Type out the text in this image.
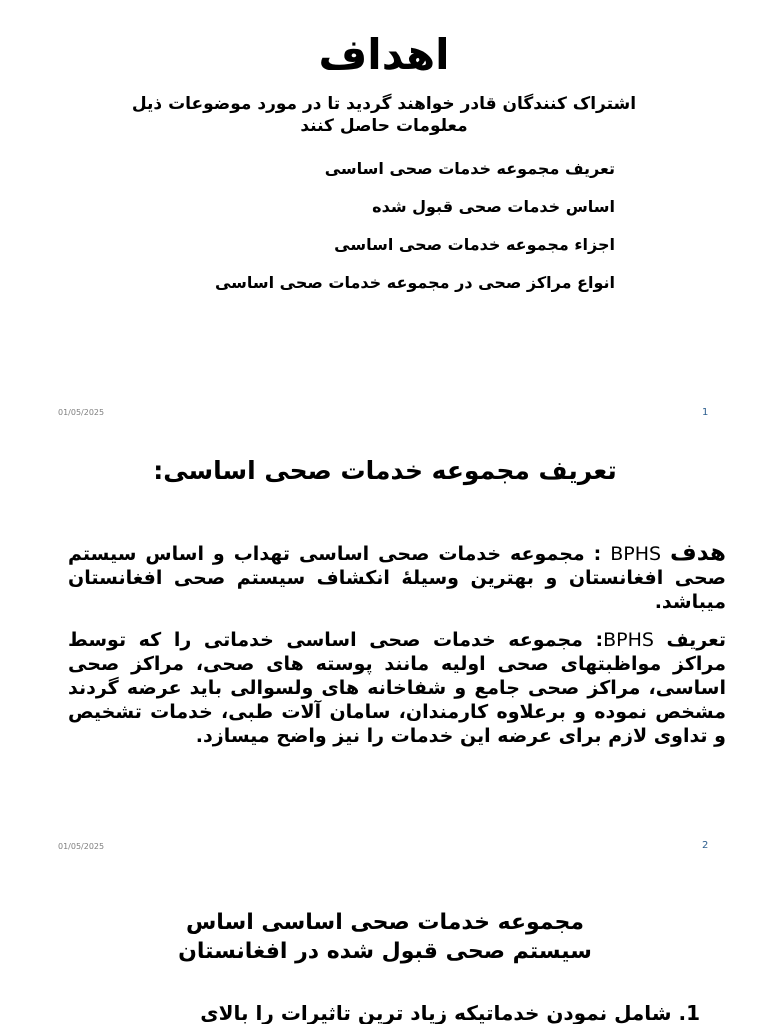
اهداف
اشتراک کنندگان قادر خواهند گردید تا در مورد موضوعات ذیل معلومات حاصل کنند
تعریف مجموعه خدمات صحی اساسی
اساس خدمات صحی قبول شده
اجزاء مجموعه خدمات صحی اساسی
انواع مراکز صحی در مجموعه خدمات صحی اساسی
01/05/2025	1
تعریف مجموعه خدمات صحی اساسی:

هدف BPHS : مجموعه خدمات صحی اساسی تهداب و اساس سیستم صحی افغانستان و بهترین وسیلۀ انکشاف سیستم صحی افغانستان میباشد.

تعریف BPHS: مجموعه خدمات صحی اساسی خدماتی را که توسط مراکز مواظبتهای صحی اولیه مانند پوسته های صحی، مراکز صحی اساسی، مراکز صحی جامع و شفاخانه های ولسوالی باید عرضه گردند مشخص نموده و برعلاوه کارمندان، سامان آلات طبی، خدمات تشخیص و تداوی لازم برای عرضه این خدمات را نیز واضح میسازد.

01/05/2025	2
مجموعه خدمات صحی اساسی اساس سیستم صحی قبول شده در افغانستان
1. شامل نمودن خدماتیکه زیاد ترین تاثیرات را بالای
